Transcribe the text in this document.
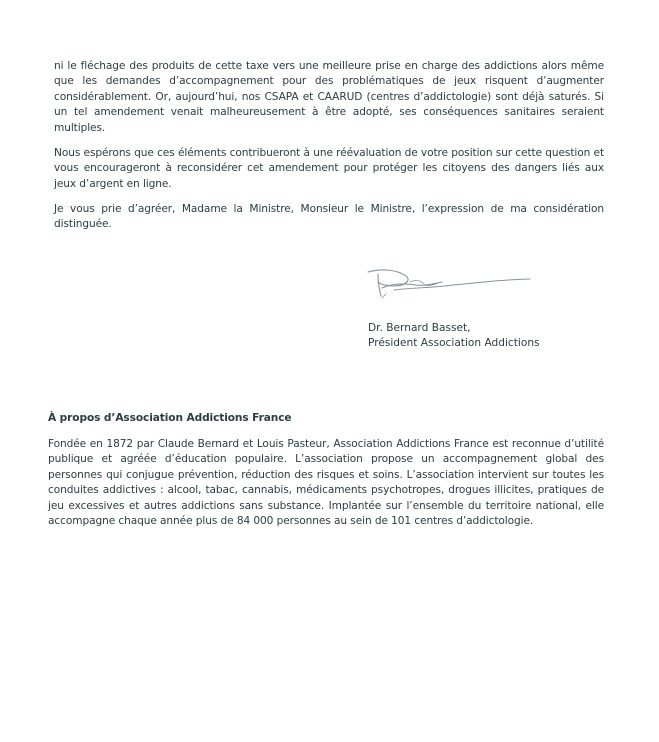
ni le fléchage des produits de cette taxe vers une meilleure prise en charge des addictions alors même que les demandes d’accompagnement pour des problématiques de jeux risquent d’augmenter considérablement. Or, aujourd’hui, nos CSAPA et CAARUD (centres d’addictologie) sont déjà saturés. Si un tel amendement venait malheureusement à être adopté, ses conséquences sanitaires seraient multiples.

Nous espérons que ces éléments contribueront à une réévaluation de votre position sur cette question et vous encourageront à reconsidérer cet amendement pour protéger les citoyens des dangers liés aux jeux d’argent en ligne.

Je vous prie d’agréer, Madame la Ministre, Monsieur le Ministre, l’expression de ma considération distinguée.

Dr. Bernard Basset,
Président Association Addictions

À propos d’Association Addictions France

Fondée en 1872 par Claude Bernard et Louis Pasteur, Association Addictions France est reconnue d’utilité publique et agréée d’éducation populaire. L’association propose un accompagnement global des personnes qui conjugue prévention, réduction des risques et soins. L’association intervient sur toutes les conduites addictives : alcool, tabac, cannabis, médicaments psychotropes, drogues illicites, pratiques de jeu excessives et autres addictions sans substance. Implantée sur l’ensemble du territoire national, elle accompagne chaque année plus de 84 000 personnes au sein de 101 centres d’addictologie.
